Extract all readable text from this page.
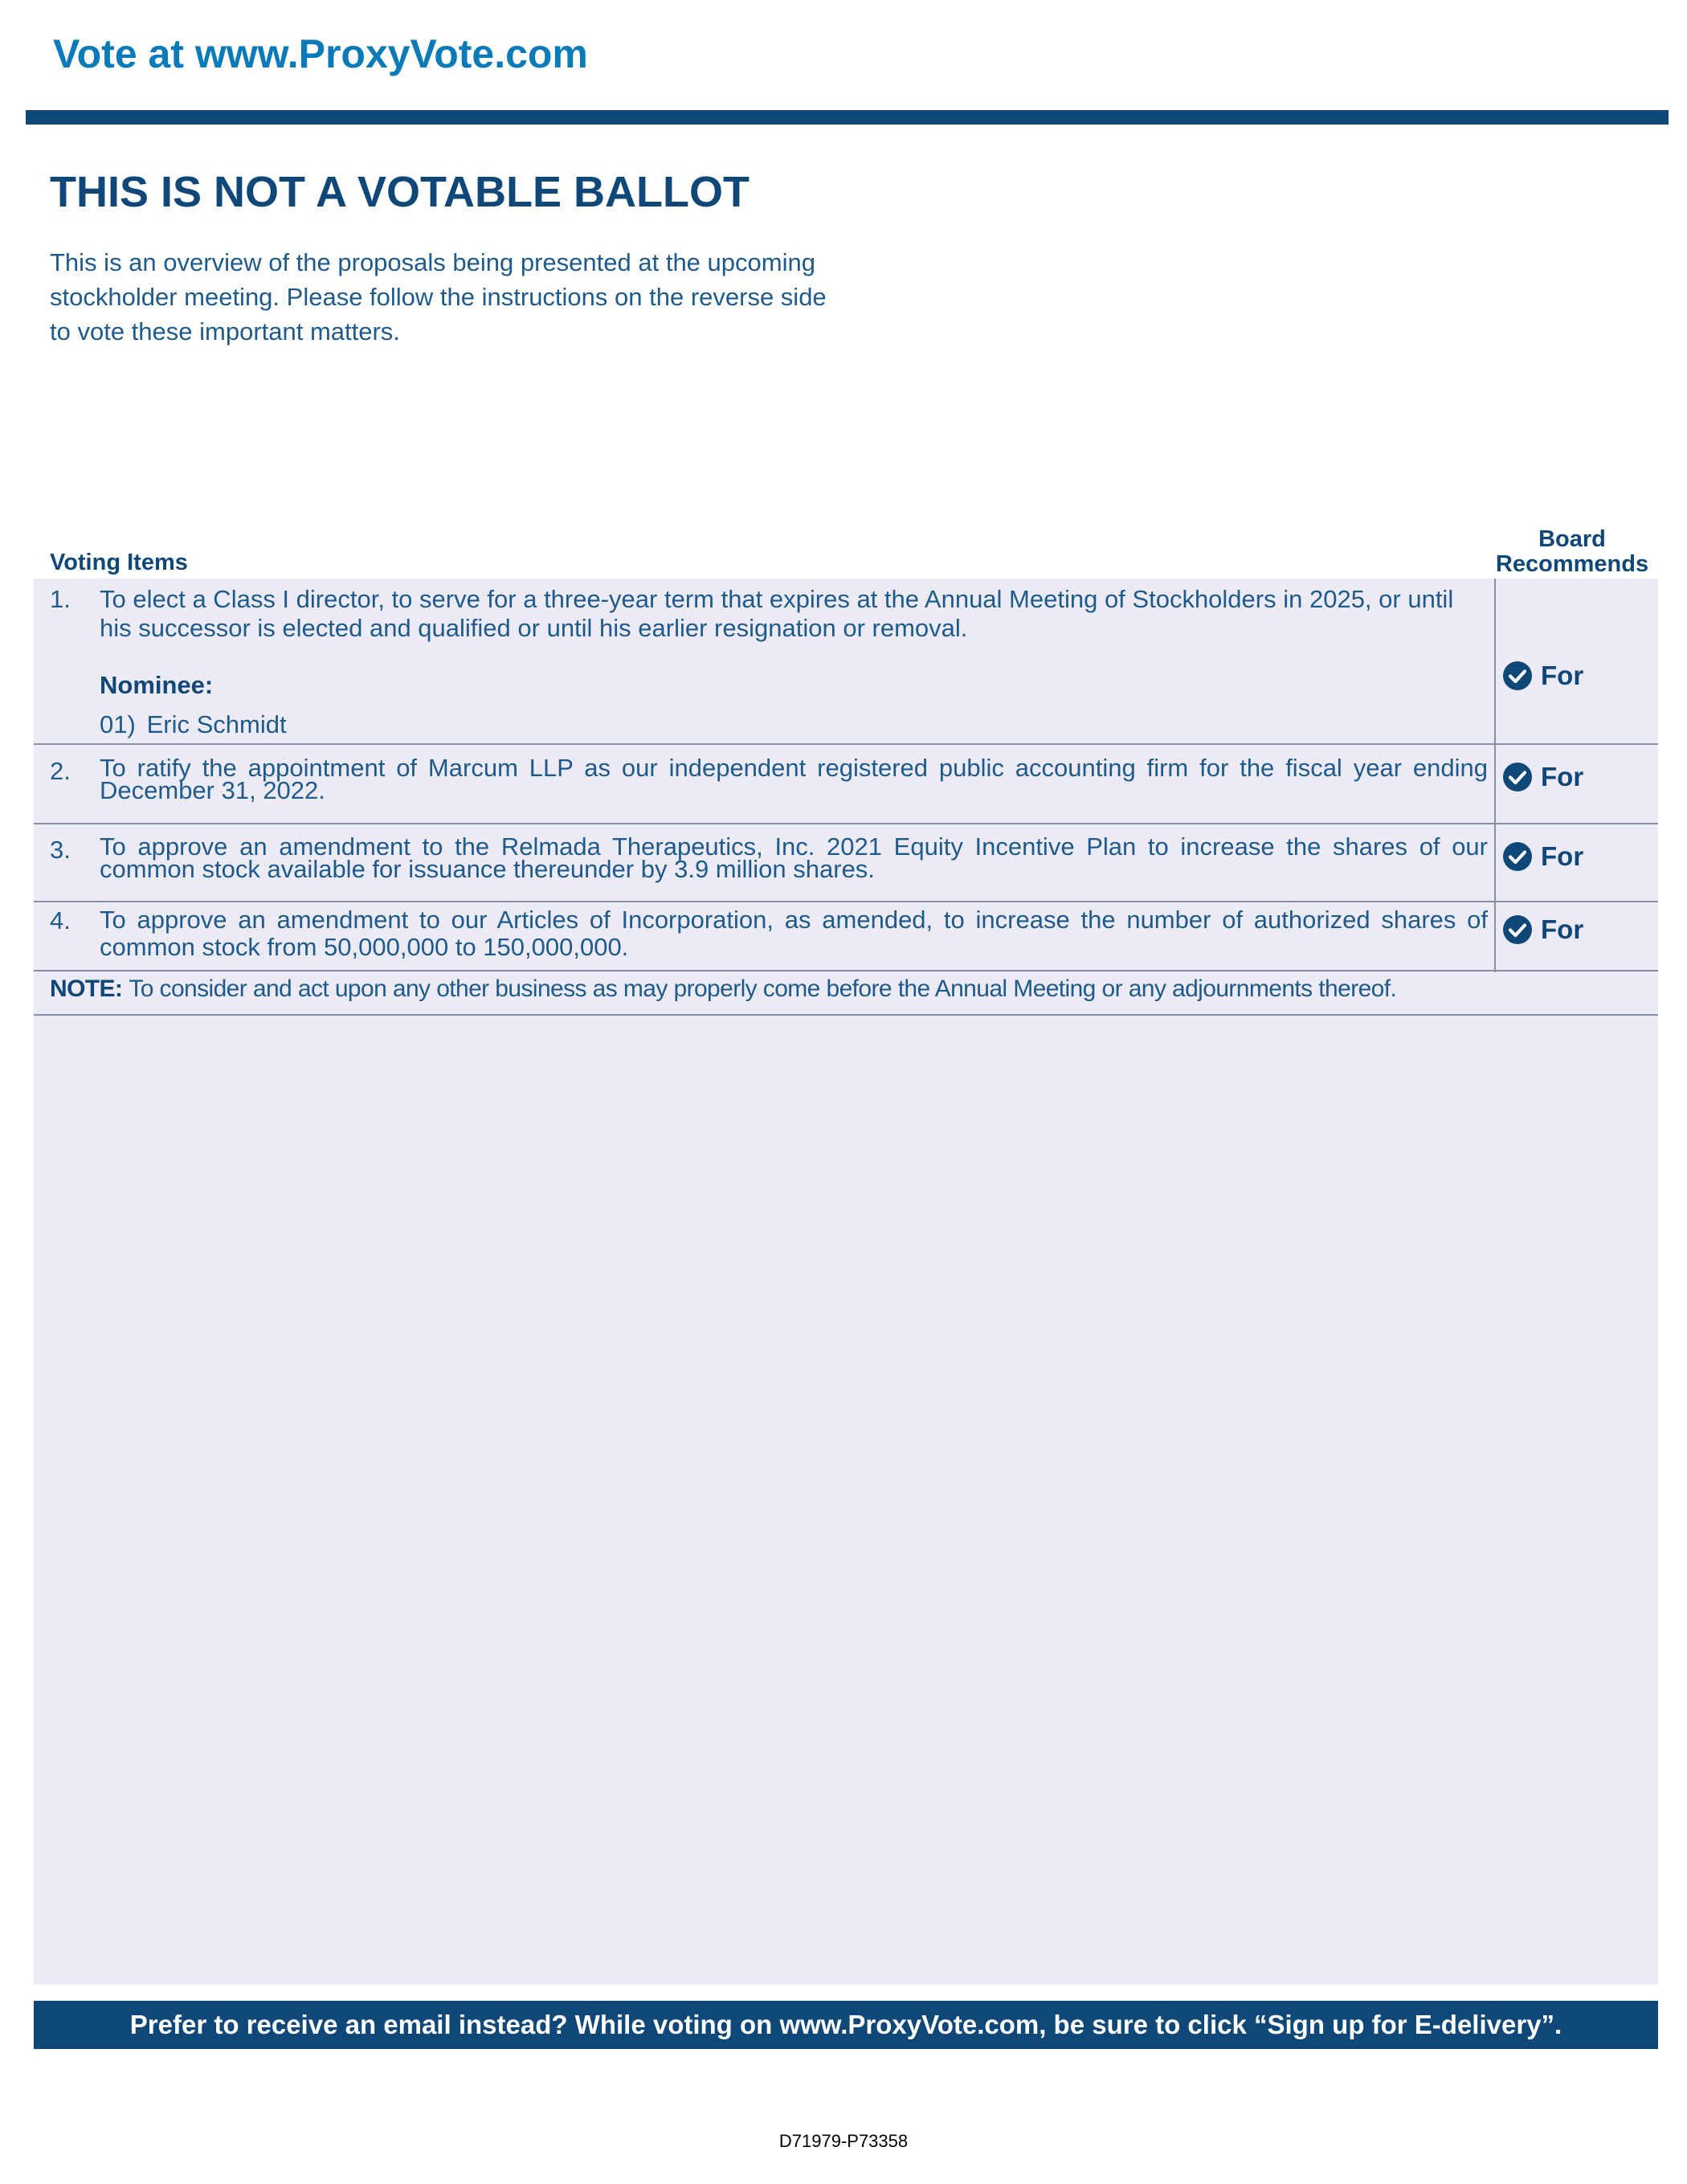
Vote at www.ProxyVote.com
THIS IS NOT A VOTABLE BALLOT
This is an overview of the proposals being presented at the upcoming stockholder meeting. Please follow the instructions on the reverse side to vote these important matters.
Voting Items
Board
Recommends
1. To elect a Class I director, to serve for a three-year term that expires at the Annual Meeting of Stockholders in 2025, or until his successor is elected and qualified or until his earlier resignation or removal.
Nominee:
01) Eric Schmidt
For
2. To ratify the appointment of Marcum LLP as our independent registered public accounting firm for the fiscal year ending December 31, 2022.	For
3. To approve an amendment to the Relmada Therapeutics, Inc. 2021 Equity Incentive Plan to increase the shares of our common stock available for issuance thereunder by 3.9 million shares.	For
4. To approve an amendment to our Articles of Incorporation, as amended, to increase the number of authorized shares of common stock from 50,000,000 to 150,000,000.
For
NOTE: To consider and act upon any other business as may properly come before the Annual Meeting or any adjournments thereof.
Prefer to receive an email instead? While voting on www.ProxyVote.com, be sure to click “Sign up for E-delivery”.
D71979-P73358
